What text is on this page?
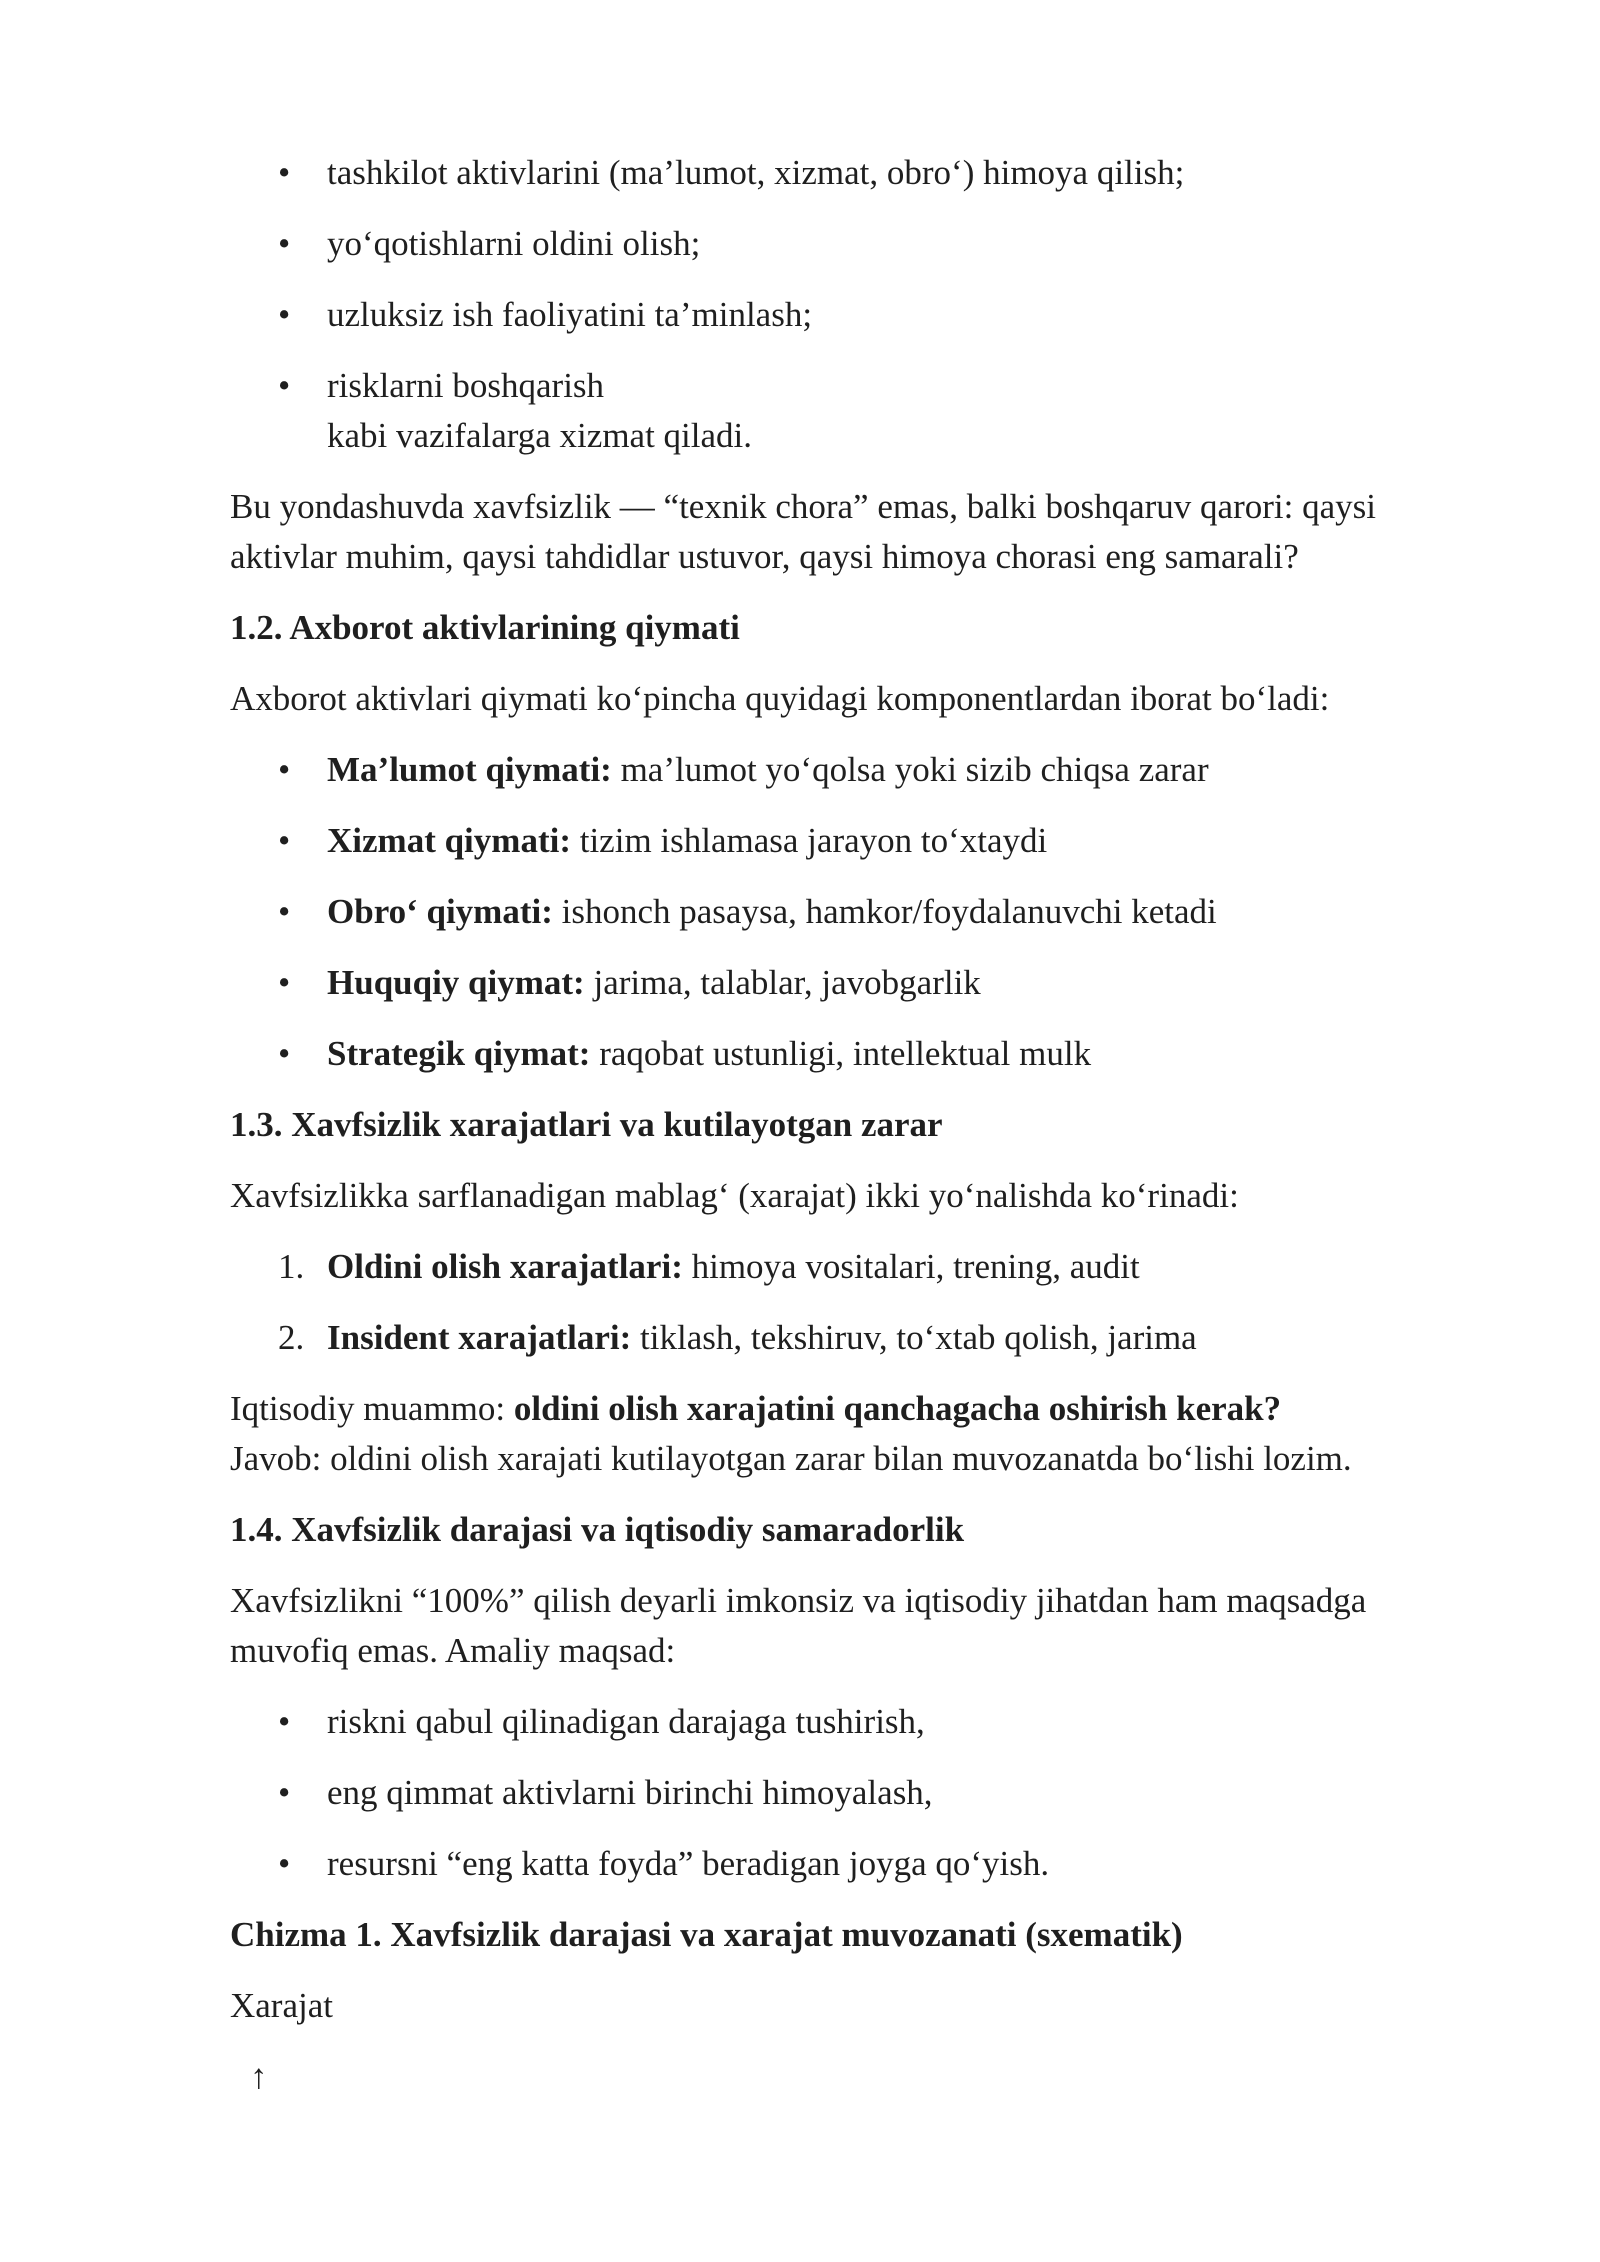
• tashkilot aktivlarini (ma’lumot, xizmat, obro‘) himoya qilish;
• yo‘qotishlarni oldini olish;
• uzluksiz ish faoliyatini ta’minlash;
• risklarni boshqarish
kabi vazifalarga xizmat qiladi.

Bu yondashuvda xavfsizlik — “texnik chora” emas, balki boshqaruv qarori: qaysi aktivlar muhim, qaysi tahdidlar ustuvor, qaysi himoya chorasi eng samarali?

1.2. Axborot aktivlarining qiymati

Axborot aktivlari qiymati ko‘pincha quyidagi komponentlardan iborat bo‘ladi:

• Ma’lumot qiymati: ma’lumot yo‘qolsa yoki sizib chiqsa zarar
• Xizmat qiymati: tizim ishlamasa jarayon to‘xtaydi
• Obro‘ qiymati: ishonch pasaysa, hamkor/foydalanuvchi ketadi
• Huquqiy qiymat: jarima, talablar, javobgarlik
• Strategik qiymat: raqobat ustunligi, intellektual mulk
1.3. Xavfsizlik xarajatlari va kutilayotgan zarar

Xavfsizlikka sarflanadigan mablag‘ (xarajat) ikki yo‘nalishda ko‘rinadi:

1. Oldini olish xarajatlari: himoya vositalari, trening, audit
2. Insident xarajatlari: tiklash, tekshiruv, to‘xtab qolish, jarima

Iqtisodiy muammo: oldini olish xarajatini qanchagacha oshirish kerak?
Javob: oldini olish xarajati kutilayotgan zarar bilan muvozanatda bo‘lishi lozim.

1.4. Xavfsizlik darajasi va iqtisodiy samaradorlik

Xavfsizlikni “100%” qilish deyarli imkonsiz va iqtisodiy jihatdan ham maqsadga muvofiq emas. Amaliy maqsad:

• riskni qabul qilinadigan darajaga tushirish,
• eng qimmat aktivlarni birinchi himoyalash,
• resursni “eng katta foyda” beradigan joyga qo‘yish.
Chizma 1. Xavfsizlik darajasi va xarajat muvozanati (sxematik)

Xarajat

↑
